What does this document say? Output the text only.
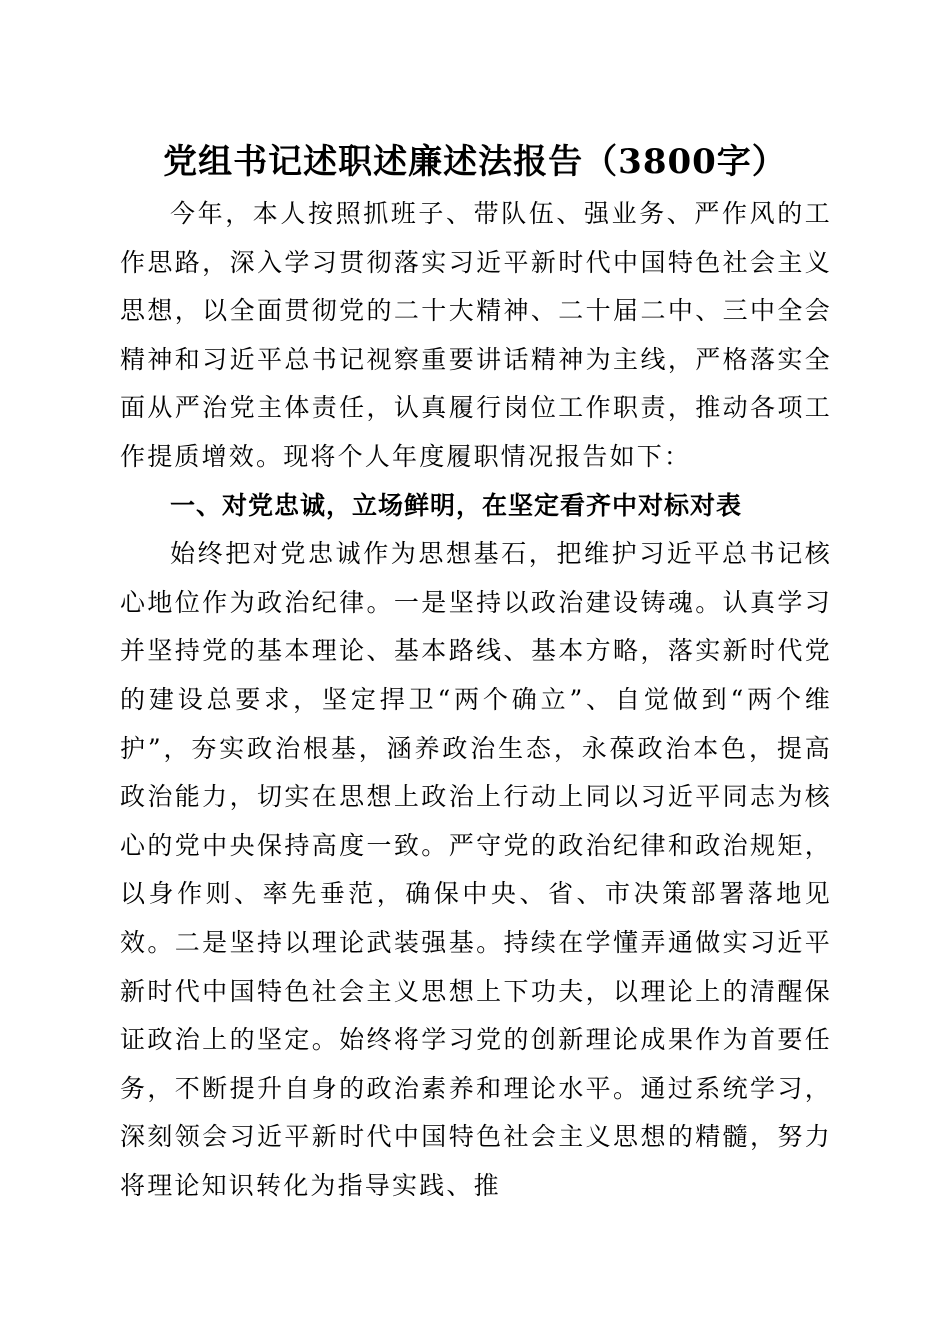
党组书记述职述廉述法报告（3800字）

今年，本人按照抓班子、带队伍、强业务、严作风的工作思路，深入学习贯彻落实习近平新时代中国特色社会主义思想，以全面贯彻党的二十大精神、二十届二中、三中全会精神和习近平总书记视察重要讲话精神为主线，严格落实全面从严治党主体责任，认真履行岗位工作职责，推动各项工作提质增效。现将个人年度履职情况报告如下：

一、对党忠诚，立场鲜明，在坚定看齐中对标对表

始终把对党忠诚作为思想基石，把维护习近平总书记核心地位作为政治纪律。一是坚持以政治建设铸魂。认真学习并坚持党的基本理论、基本路线、基本方略，落实新时代党的建设总要求，坚定捍卫“两个确立”、自觉做到“两个维护”，夯实政治根基，涵养政治生态，永葆政治本色，提高政治能力，切实在思想上政治上行动上同以习近平同志为核心的党中央保持高度一致。严守党的政治纪律和政治规矩，以身作则、率先垂范，确保中央、省、市决策部署落地见效。二是坚持以理论武装强基。持续在学懂弄通做实习近平新时代中国特色社会主义思想上下功夫，以理论上的清醒保证政治上的坚定。始终将学习党的创新理论成果作为首要任务，不断提升自身的政治素养和理论水平。通过系统学习，深刻领会习近平新时代中国特色社会主义思想的精髓，努力将理论知识转化为指导实践、推
